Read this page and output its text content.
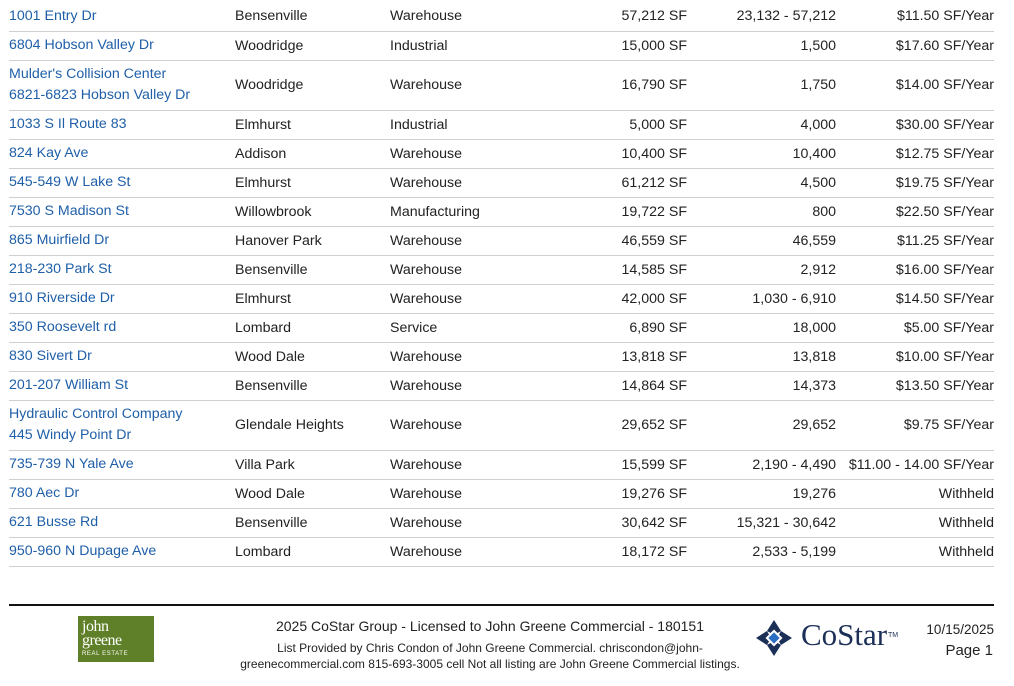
1001 Entry Dr	Bensenville	Warehouse	57,212 SF	23,132 - 57,212	$11.50 SF/Year

6804 Hobson Valley Dr	Woodridge	Industrial	15,000 SF	1,500	$17.60 SF/Year

Mulder's Collision Center
6821-6823 Hobson Valley Dr	Woodridge	Warehouse	16,790 SF	1,750	$14.00 SF/Year

1033 S Il Route 83	Elmhurst	Industrial	5,000 SF	4,000	$30.00 SF/Year

824 Kay Ave	Addison	Warehouse	10,400 SF	10,400	$12.75 SF/Year

545-549 W Lake St	Elmhurst	Warehouse	61,212 SF	4,500	$19.75 SF/Year

7530 S Madison St	Willowbrook	Manufacturing	19,722 SF	800	$22.50 SF/Year

865 Muirfield Dr	Hanover Park	Warehouse	46,559 SF	46,559	$11.25 SF/Year

218-230 Park St	Bensenville	Warehouse	14,585 SF	2,912	$16.00 SF/Year

910 Riverside Dr	Elmhurst	Warehouse	42,000 SF	1,030 - 6,910	$14.50 SF/Year

350 Roosevelt rd	Lombard	Service	6,890 SF	18,000	$5.00 SF/Year

830 Sivert Dr	Wood Dale	Warehouse	13,818 SF	13,818	$10.00 SF/Year

201-207 William St	Bensenville	Warehouse	14,864 SF	14,373	$13.50 SF/Year

Hydraulic Control Company
445 Windy Point Dr	Glendale Heights	Warehouse	29,652 SF	29,652	$9.75 SF/Year

735-739 N Yale Ave	Villa Park	Warehouse	15,599 SF	2,190 - 4,490	$11.00 - 14.00 SF/Year

780 Aec Dr	Wood Dale	Warehouse	19,276 SF	19,276	Withheld

621 Busse Rd	Bensenville	Warehouse	30,642 SF	15,321 - 30,642	Withheld

950-960 N Dupage Ave	Lombard	Warehouse	18,172 SF	2,533 - 5,199	Withheld
john
greene
REAL ESTATE
2025 CoStar Group - Licensed to John Greene Commercial - 180151
List Provided by Chris Condon of John Greene Commercial. chriscondon@john-greenecommercial.com 815-693-3005 cell Not all listing are John Greene Commercial listings.
CoStar TM 10/15/2025
Page 1
